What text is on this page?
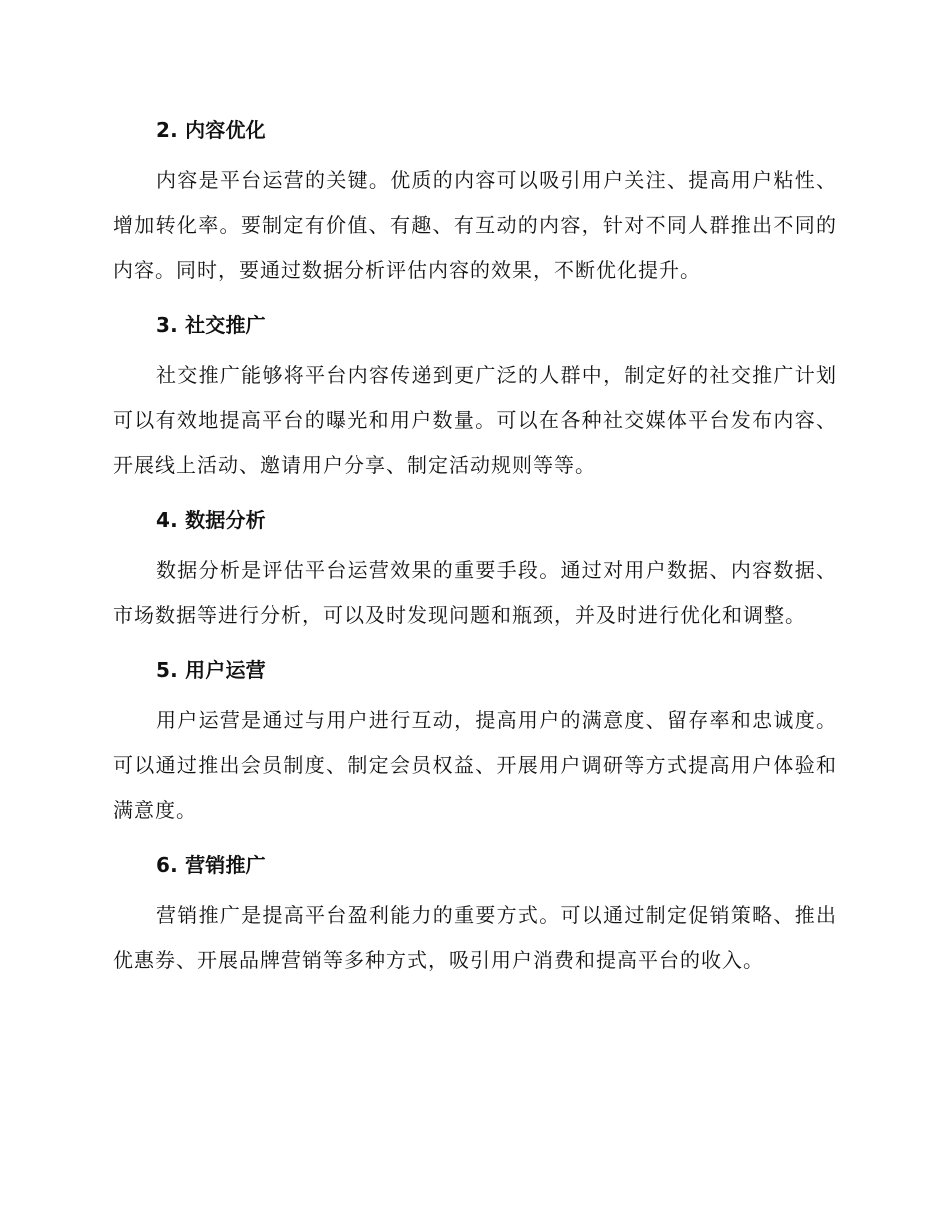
2. 内容优化

内容是平台运营的关键。优质的内容可以吸引用户关注、提高用户粘性、增加转化率。要制定有价值、有趣、有互动的内容，针对不同人群推出不同的内容。同时，要通过数据分析评估内容的效果，不断优化提升。

3. 社交推广

社交推广能够将平台内容传递到更广泛的人群中，制定好的社交推广计划可以有效地提高平台的曝光和用户数量。可以在各种社交媒体平台发布内容、开展线上活动、邀请用户分享、制定活动规则等等。

4. 数据分析

数据分析是评估平台运营效果的重要手段。通过对用户数据、内容数据、市场数据等进行分析，可以及时发现问题和瓶颈，并及时进行优化和调整。

5. 用户运营

用户运营是通过与用户进行互动，提高用户的满意度、留存率和忠诚度。可以通过推出会员制度、制定会员权益、开展用户调研等方式提高用户体验和满意度。

6. 营销推广

营销推广是提高平台盈利能力的重要方式。可以通过制定促销策略、推出优惠券、开展品牌营销等多种方式，吸引用户消费和提高平台的收入。
